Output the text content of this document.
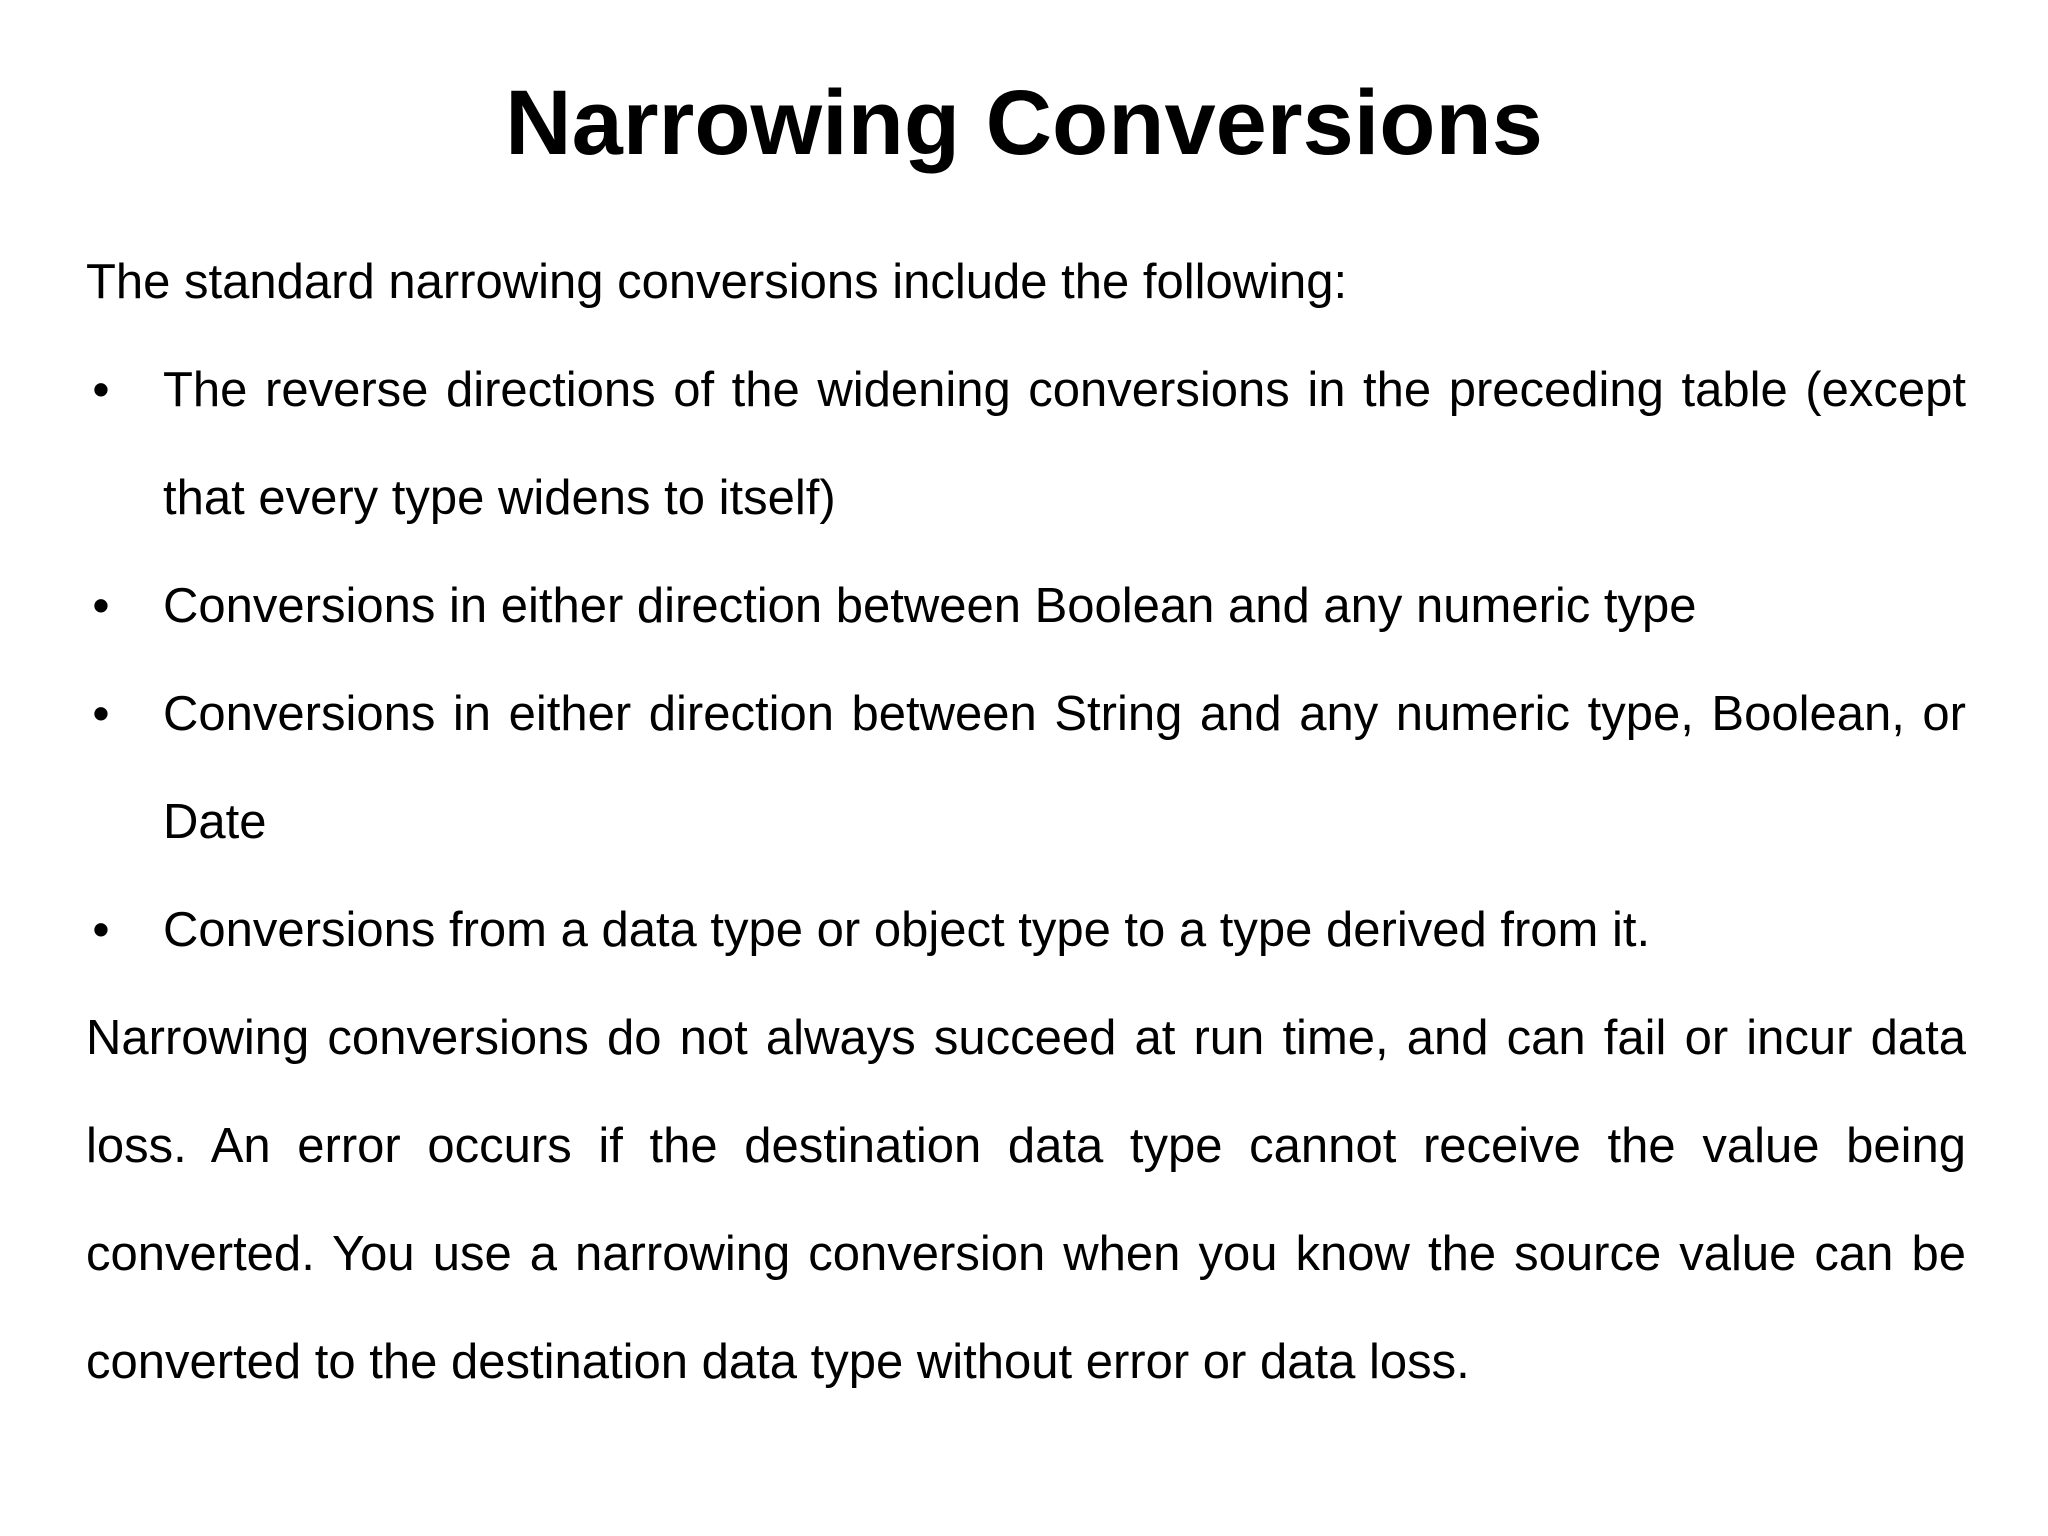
Narrowing Conversions

The standard narrowing conversions include the following:

• The reverse directions of the widening conversions in the preceding table (except that every type widens to itself)
• Conversions in either direction between Boolean and any numeric type
• Conversions in either direction between String and any numeric type, Boolean, or Date
• Conversions from a data type or object type to a type derived from it.

Narrowing conversions do not always succeed at run time, and can fail or incur data loss. An error occurs if the destination data type cannot receive the value being converted. You use a narrowing conversion when you know the source value can be converted to the destination data type without error or data loss.
